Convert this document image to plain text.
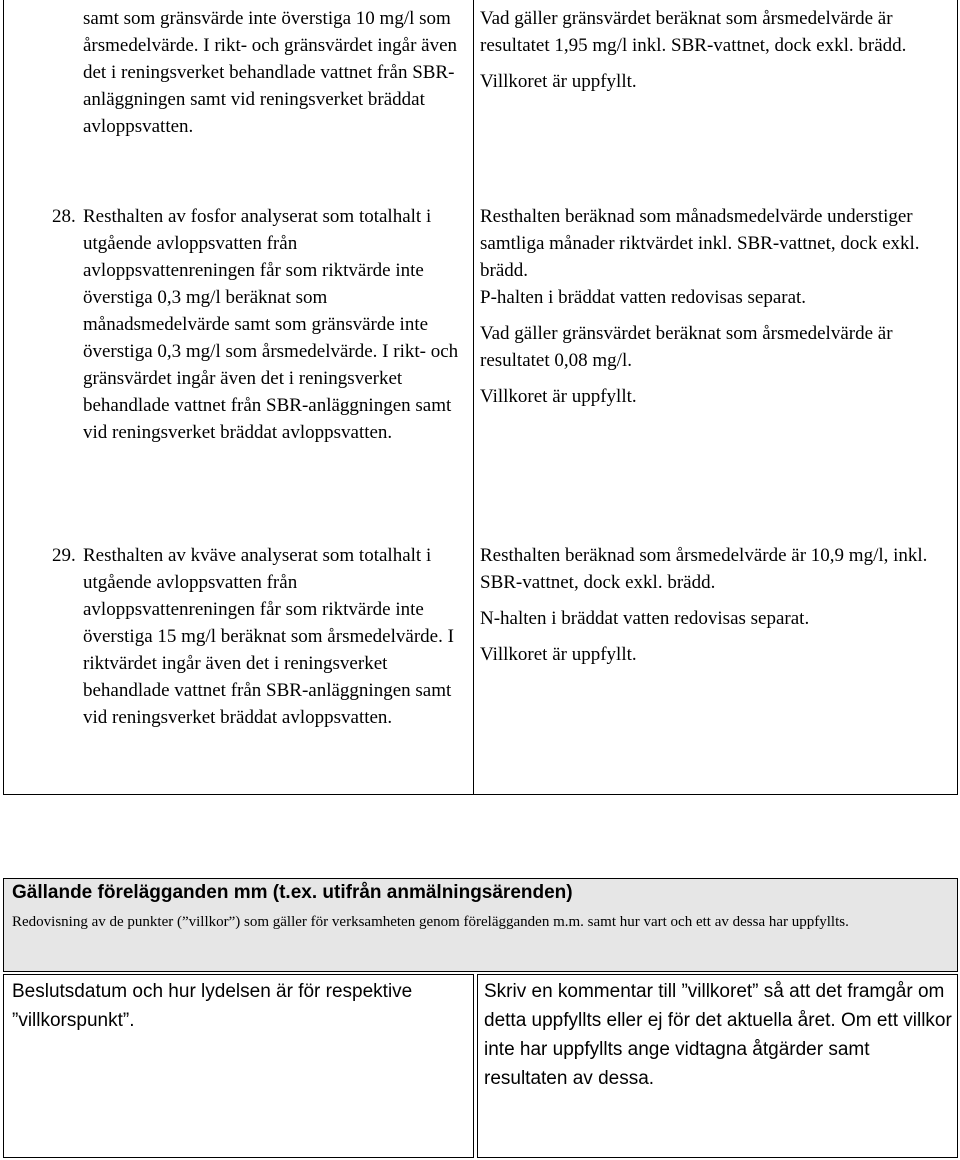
samt som gränsvärde inte överstiga 10 mg/l som årsmedelvärde. I rikt- och gränsvärdet ingår även det i reningsverket behandlade vattnet från SBR-anläggningen samt vid reningsverket bräddat avloppsvatten.

Vad gäller gränsvärdet beräknat som årsmedelvärde är resultatet 1,95 mg/l inkl. SBR-vattnet, dock exkl. brädd.

Villkoret är uppfyllt.

28. Resthalten av fosfor analyserat som totalhalt i utgående avloppsvatten från avloppsvattenreningen får som riktvärde inte överstiga 0,3 mg/l beräknat som månadsmedelvärde samt som gränsvärde inte överstiga 0,3 mg/l som årsmedelvärde. I rikt- och gränsvärdet ingår även det i reningsverket behandlade vattnet från SBR-anläggningen samt vid reningsverket bräddat avloppsvatten.

Resthalten beräknad som månadsmedelvärde understiger samtliga månader riktvärdet inkl. SBR-vattnet, dock exkl. brädd.

P-halten i bräddat vatten redovisas separat.

Vad gäller gränsvärdet beräknat som årsmedelvärde är resultatet 0,08 mg/l.

Villkoret är uppfyllt.

29. Resthalten av kväve analyserat som totalhalt i utgående avloppsvatten från avloppsvattenreningen får som riktvärde inte överstiga 15 mg/l beräknat som årsmedelvärde. I riktvärdet ingår även det i reningsverket behandlade vattnet från SBR-anläggningen samt vid reningsverket bräddat avloppsvatten.

Resthalten beräknad som årsmedelvärde är 10,9 mg/l, inkl. SBR-vattnet, dock exkl. brädd.

N-halten i bräddat vatten redovisas separat.

Villkoret är uppfyllt.

Gällande förelägganden mm (t.ex. utifrån anmälningsärenden)
Redovisning av de punkter (”villkor”) som gäller för verksamheten genom förelägganden m.m. samt hur vart och ett av dessa har uppfyllts.
Beslutsdatum och hur lydelsen är för respektive ”villkorspunkt”.
Skriv en kommentar till ”villkoret” så att det framgår om detta uppfyllts eller ej för det aktuella året. Om ett villkor inte har uppfyllts ange vidtagna åtgärder samt resultaten av dessa.
